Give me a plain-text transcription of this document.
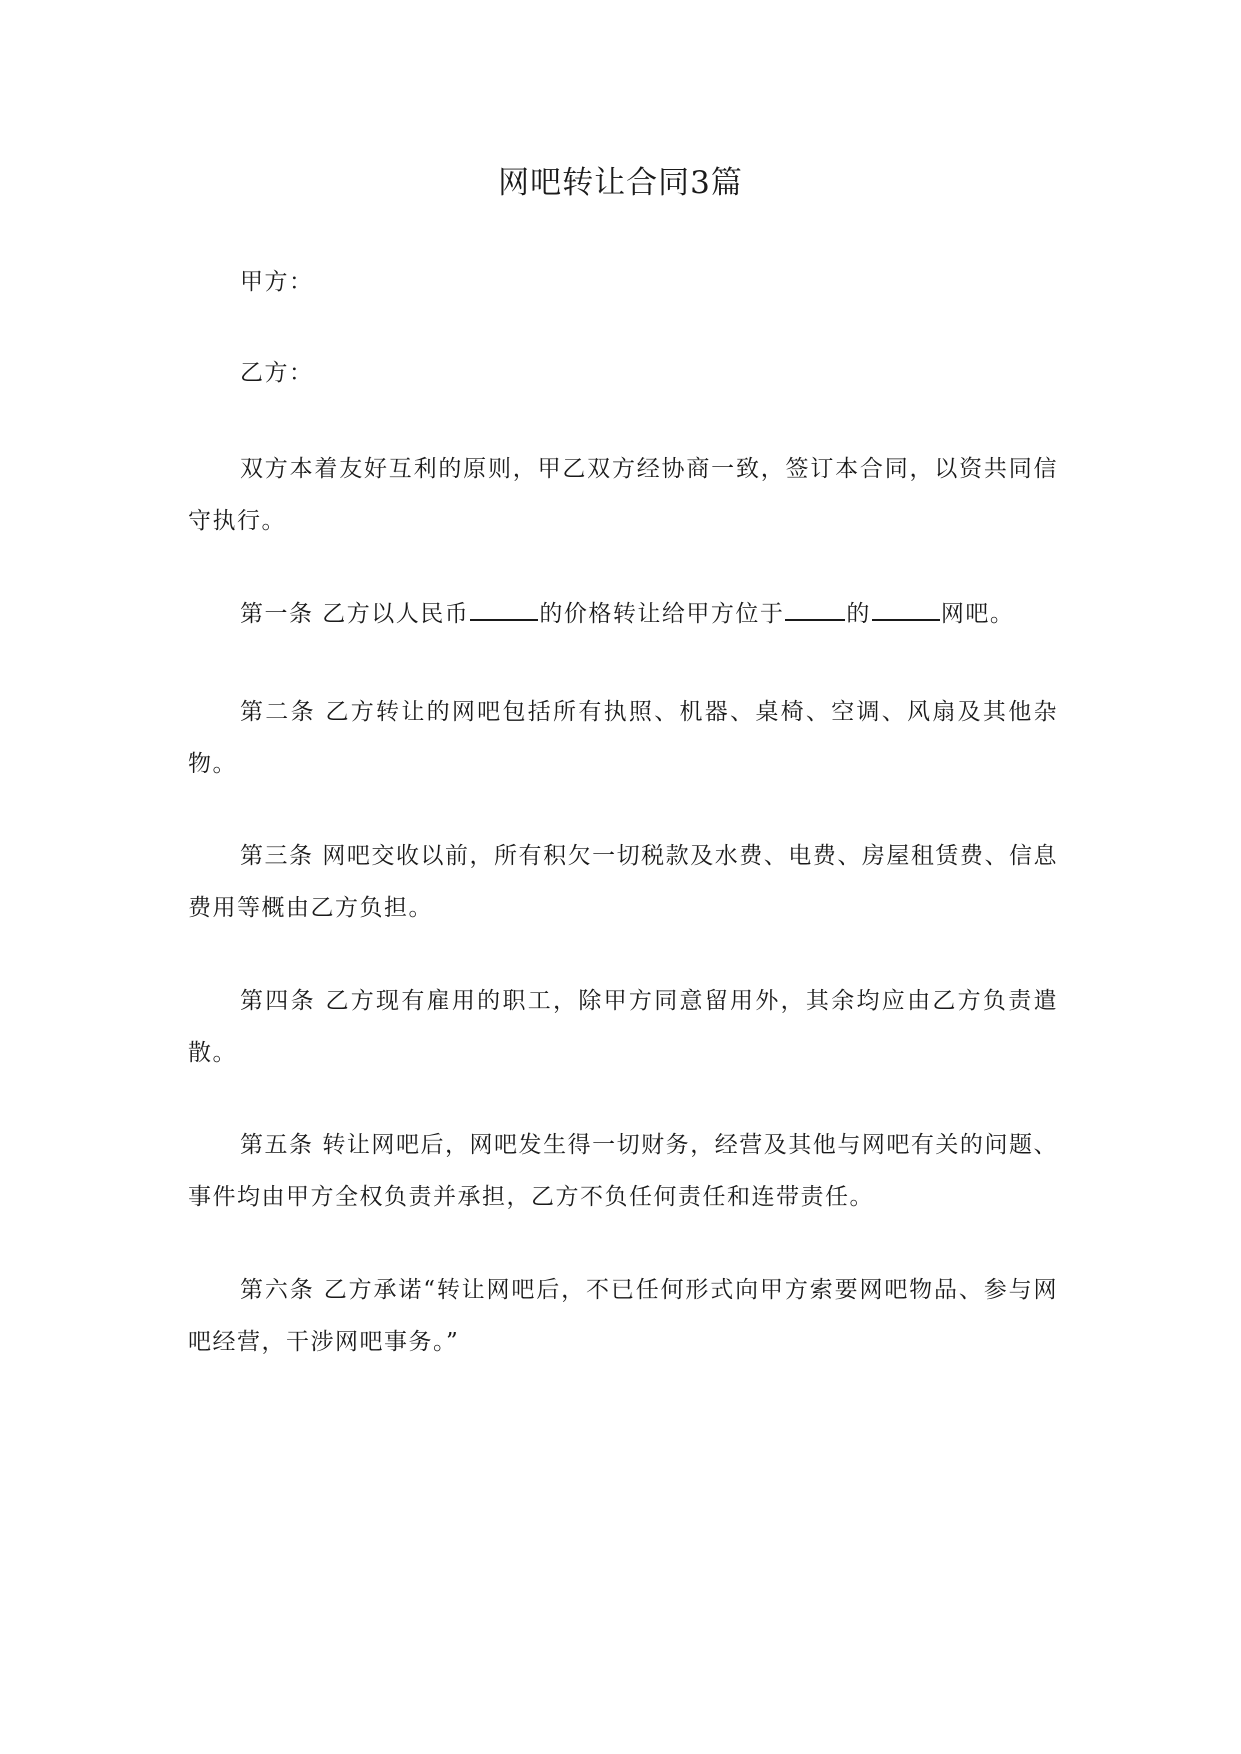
网吧转让合同3篇

甲方：

乙方：

双方本着友好互利的原则，甲乙双方经协商一致，签订本合同，以资共同信守执行。

第一条 乙方以人民币	的价格转让给甲方位于	的	网吧。

第二条 乙方转让的网吧包括所有执照、机器、桌椅、空调、风扇及其他杂物。

第三条 网吧交收以前，所有积欠一切税款及水费、电费、房屋租赁费、信息费用等概由乙方负担。

第四条 乙方现有雇用的职工，除甲方同意留用外，其余均应由乙方负责遣散。

第五条 转让网吧后，网吧发生得一切财务，经营及其他与网吧有关的问题、事件均由甲方全权负责并承担，乙方不负任何责任和连带责任。

第六条 乙方承诺“转让网吧后，不已任何形式向甲方索要网吧物品、参与网吧经营，干涉网吧事务。”
